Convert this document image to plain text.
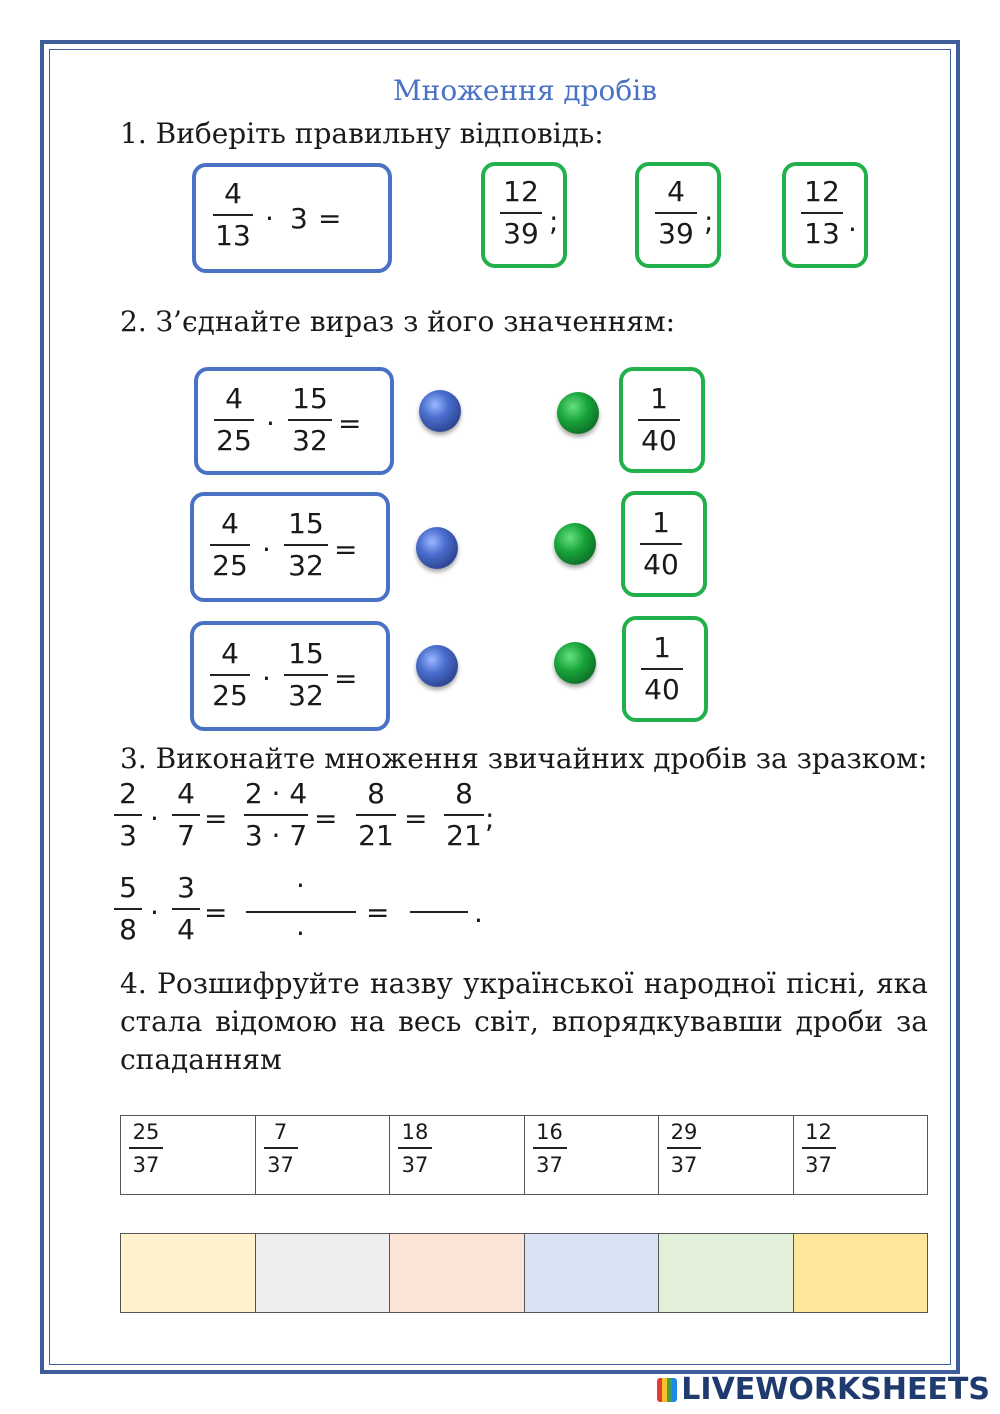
Множення дробів
1. Виберіть правильну відповідь:
4
13
· 3 =
12
39 ;
4
39 ;
12
13 .
2. З’єднайте вираз з його значенням:
4
25
·
15
32
=
1
40
4
25 ·
15
32 =
1
40
4
25
·
15
32
=
1
40
3. Виконайте множення звичайних дробів за зразком:
2
3
·
4
7
=
2 · 4
3 · 7
=
8
21
=
8
21
;
5
8
·
3
4
=
·
·
=	.
4. Розшифруйте назву української народної пісні, яка
стала відомою на весь світ, впорядкувавши дроби за
спаданням
25
37

7
37

18
37

16
37

29
37

12
37

LIVEWORKSHEETS
